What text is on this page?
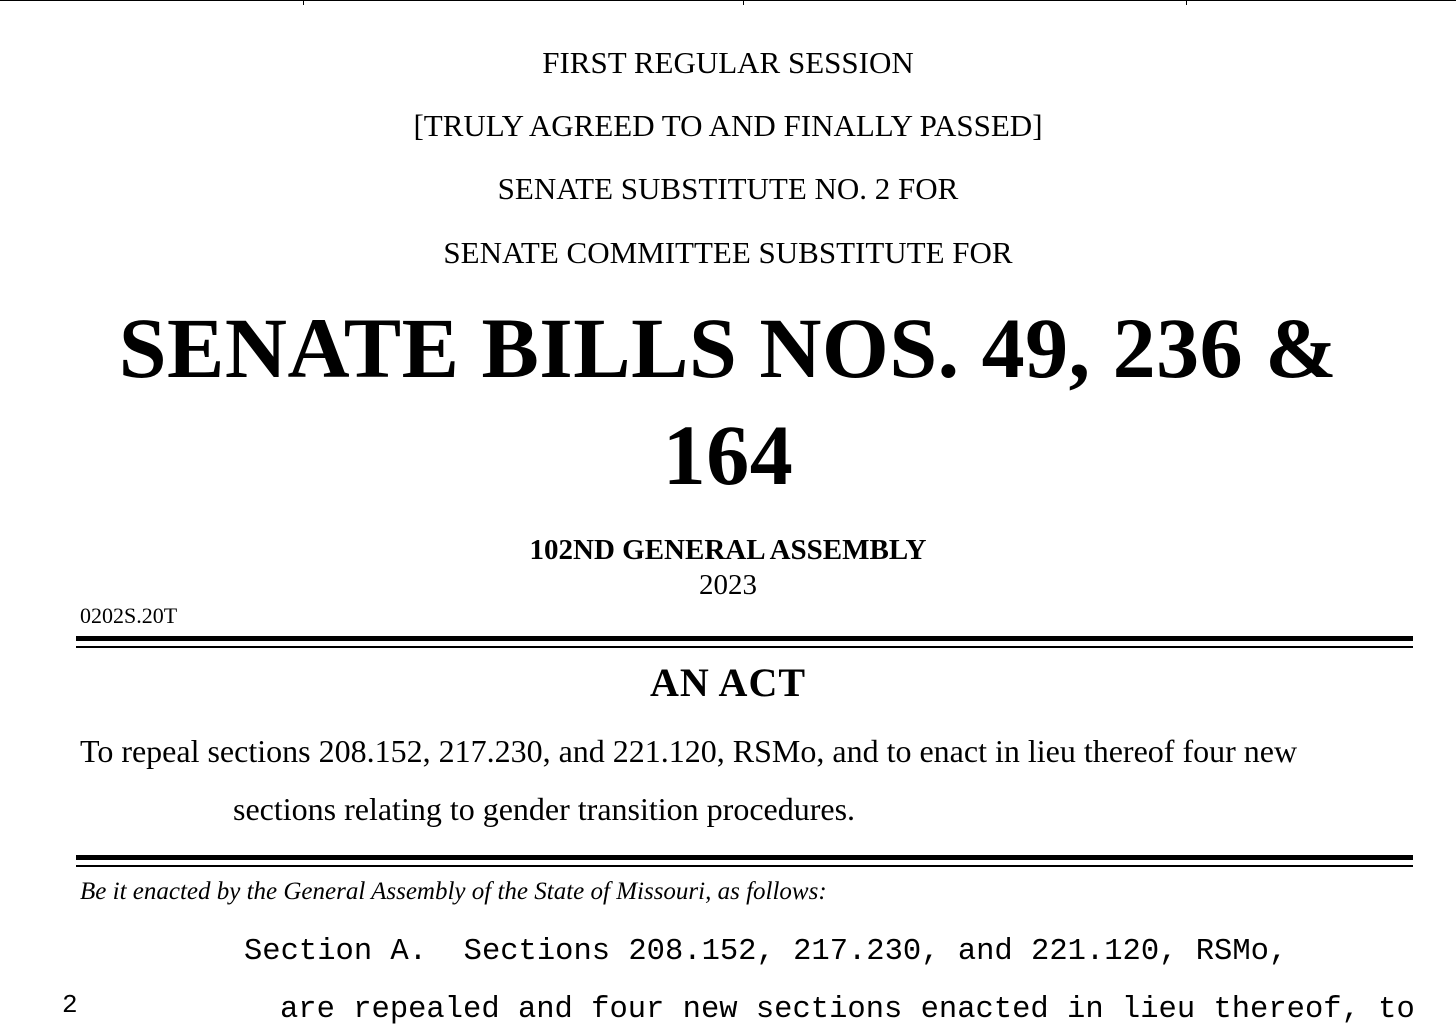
FIRST REGULAR SESSION
[TRULY AGREED TO AND FINALLY PASSED]
SENATE SUBSTITUTE NO. 2 FOR
SENATE COMMITTEE SUBSTITUTE FOR
SENATE BILLS NOS. 49, 236 &
164
102ND GENERAL ASSEMBLY
2023
0202S.20T
AN ACT
To repeal sections 208.152, 217.230, and 221.120, RSMo, and to enact in lieu thereof four new
sections relating to gender transition procedures.
Be it enacted by the General Assembly of the State of Missouri, as follows:
Section A.  Sections 208.152, 217.230, and 221.120, RSMo,
2	are repealed and four new sections enacted in lieu thereof, to
